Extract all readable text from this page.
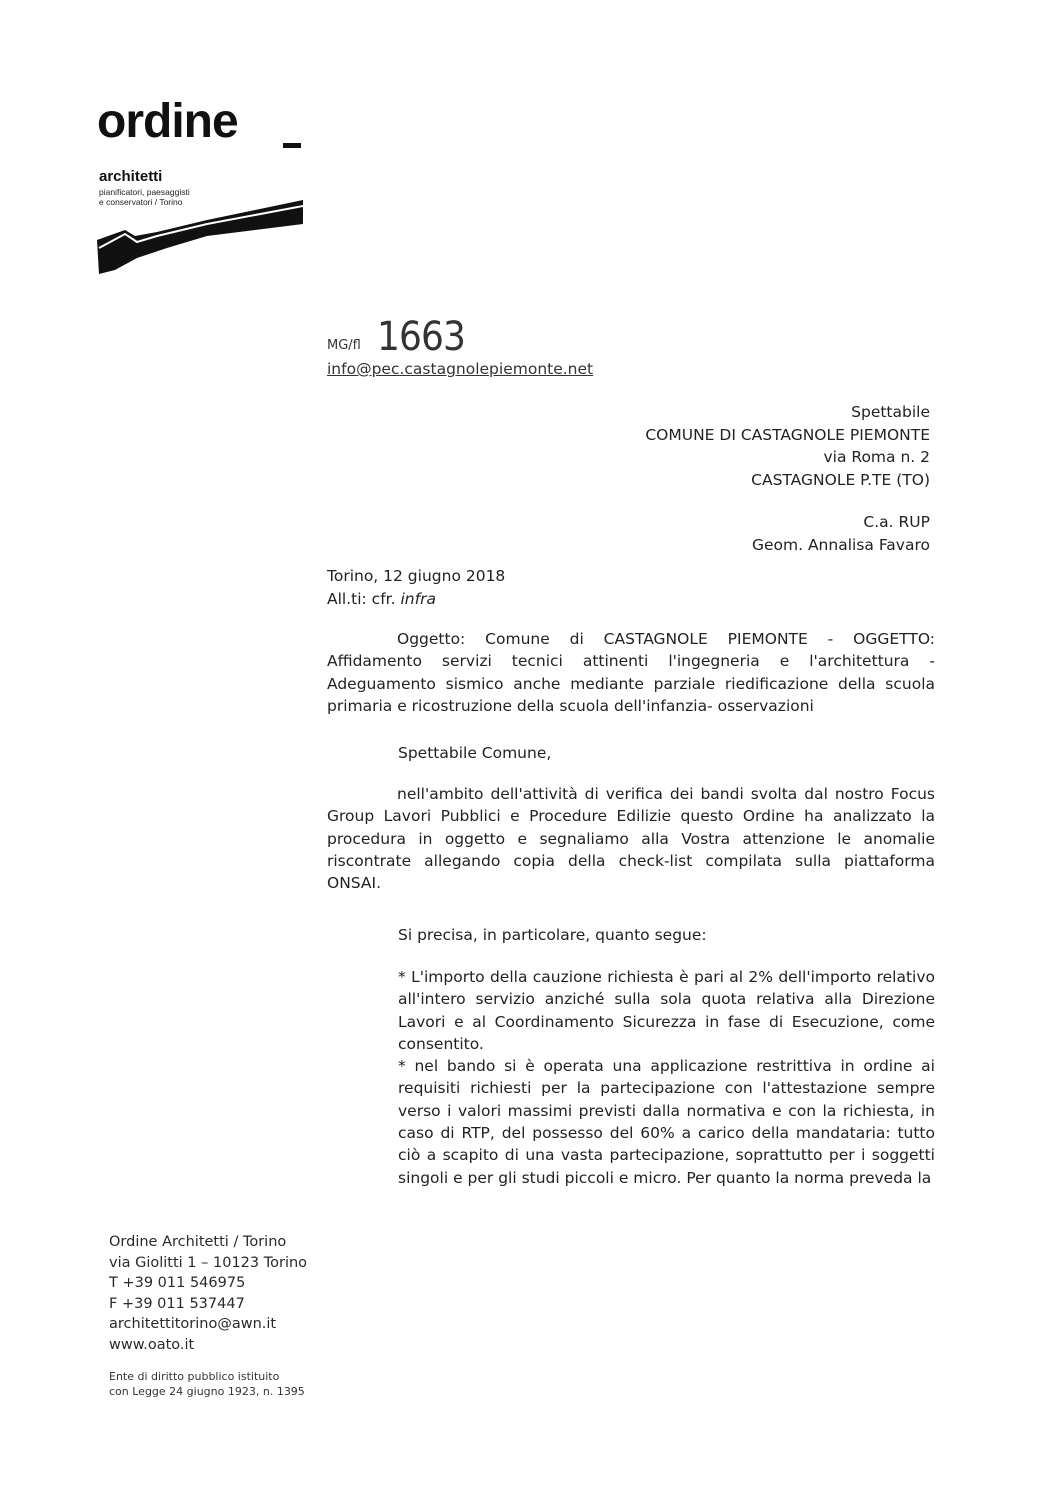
ordine
architetti
pianificatori, paesaggisti
e conservatori / Torino
MG/fl 1663
info@pec.castagnolepiemonte.net
Spettabile
COMUNE DI CASTAGNOLE PIEMONTE
via Roma n. 2
CASTAGNOLE P.TE (TO)
C.a. RUP
Geom. Annalisa Favaro
Torino, 12 giugno 2018
All.ti: cfr. infra
Oggetto: Comune di CASTAGNOLE PIEMONTE - OGGETTO: Affidamento servizi tecnici attinenti l'ingegneria e l'architettura - Adeguamento sismico anche mediante parziale riedificazione della scuola primaria e ricostruzione della scuola dell'infanzia- osservazioni
Spettabile Comune,
nell'ambito dell'attività di verifica dei bandi svolta dal nostro Focus Group Lavori Pubblici e Procedure Edilizie questo Ordine ha analizzato la procedura in oggetto e segnaliamo alla Vostra attenzione le anomalie riscontrate allegando copia della check-list compilata sulla piattaforma ONSAI.
Si precisa, in particolare, quanto segue:

* L'importo della cauzione richiesta è pari al 2% dell'importo relativo all'intero servizio anziché sulla sola quota relativa alla Direzione Lavori e al Coordinamento Sicurezza in fase di Esecuzione, come consentito.

* nel bando si è operata una applicazione restrittiva in ordine ai requisiti richiesti per la partecipazione con l'attestazione sempre verso i valori massimi previsti dalla normativa e con la richiesta, in caso di RTP, del possesso del 60% a carico della mandataria: tutto ciò a scapito di una vasta partecipazione, soprattutto per i soggetti singoli e per gli studi piccoli e micro. Per quanto la norma preveda la

Ordine Architetti / Torino
via Giolitti 1 – 10123 Torino
T +39 011 546975
F +39 011 537447
architettitorino@awn.it
www.oato.it
Ente di diritto pubblico istituito
con Legge 24 giugno 1923, n. 1395
